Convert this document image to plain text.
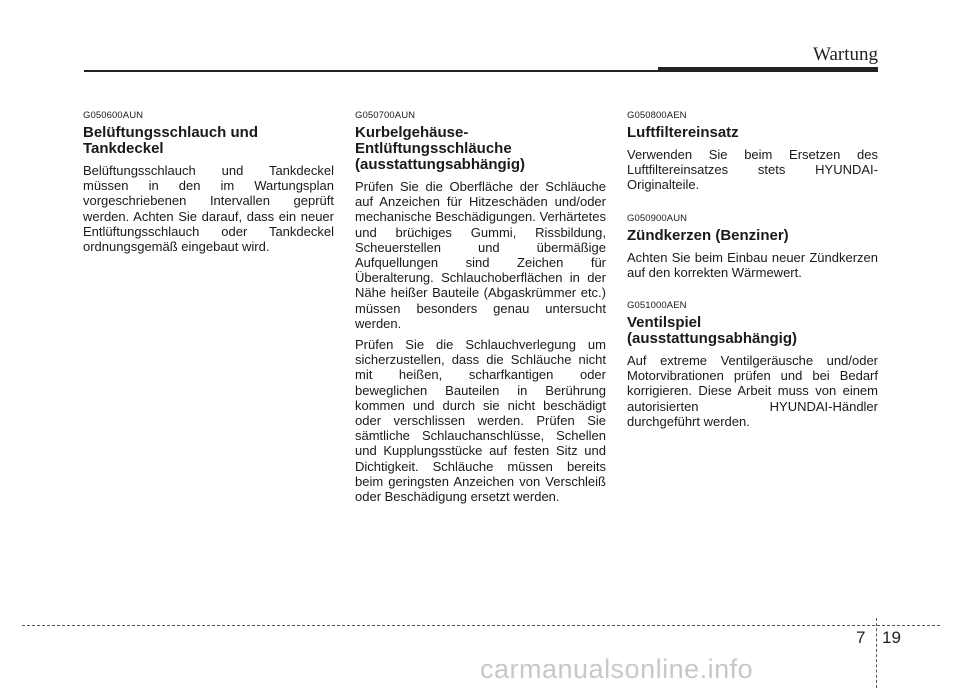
Wartung

G050600AUN

Belüftungsschlauch und
Tankdeckel

Belüftungsschlauch und Tankdeckel müssen in den im Wartungsplan vorgeschriebenen Intervallen geprüft werden. Achten Sie darauf, dass ein neuer Entlüftungsschlauch oder Tankdeckel ordnungsgemäß eingebaut wird.

G050700AUN

Kurbelgehäuse-
Entlüftungsschläuche
(ausstattungsabhängig)

Prüfen Sie die Oberfläche der Schläuche auf Anzeichen für Hitzeschäden und/oder mechanische Beschädigungen. Verhärtetes und brüchiges Gummi, Rissbildung, Scheuerstellen und übermäßige Aufquellungen sind Zeichen für Überalterung. Schlauchoberflächen in der Nähe heißer Bauteile (Abgaskrümmer etc.) müssen besonders genau untersucht werden.

Prüfen Sie die Schlauchverlegung um sicherzustellen, dass die Schläuche nicht mit heißen, scharfkantigen oder beweglichen Bauteilen in Berührung kommen und durch sie nicht beschädigt oder verschlissen werden. Prüfen Sie sämtliche Schlauchanschlüsse, Schellen und Kupplungsstücke auf festen Sitz und Dichtigkeit. Schläuche müssen bereits beim geringsten Anzeichen von Verschleiß oder Beschädigung ersetzt werden.

G050800AEN

Luftfiltereinsatz

Verwenden Sie beim Ersetzen des Luftfiltereinsatzes stets HYUNDAI-Originalteile.

G050900AUN

Zündkerzen (Benziner)

Achten Sie beim Einbau neuer Zündkerzen auf den korrekten Wärmewert.

G051000AEN

Ventilspiel
(ausstattungsabhängig)

Auf extreme Ventilgeräusche und/oder Motorvibrationen prüfen und bei Bedarf korrigieren. Diese Arbeit muss von einem autorisierten HYUNDAI-Händler durchgeführt werden.

7 19
carmanualsonline.info
